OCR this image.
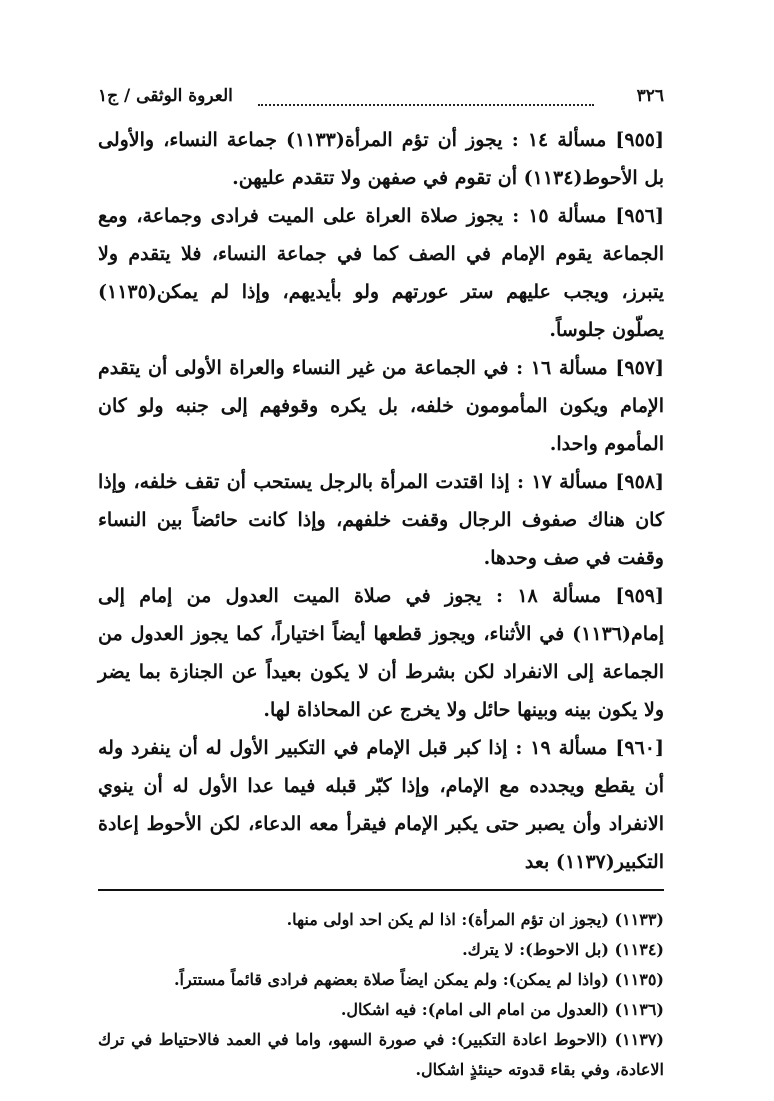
٣٢٦
العروة الوثقى / ج١

[٩٥٥] مسألة ١٤ : يجوز أن تؤم المرأة(١١٣٣) جماعة النساء، والأولى بل الأحوط(١١٣٤) أن تقوم في صفهن ولا تتقدم عليهن.

[٩٥٦] مسألة ١٥ : يجوز صلاة العراة على الميت فرادى وجماعة، ومع الجماعة يقوم الإمام في الصف كما في جماعة النساء، فلا يتقدم ولا يتبرز، ويجب عليهم ستر عورتهم ولو بأيديهم، وإذا لم يمكن(١١٣٥) يصلّون جلوساً.

[٩٥٧] مسألة ١٦ : في الجماعة من غير النساء والعراة الأولى أن يتقدم الإمام ويكون المأمومون خلفه، بل يكره وقوفهم إلى جنبه ولو كان المأموم واحدا.

[٩٥٨] مسألة ١٧ : إذا اقتدت المرأة بالرجل يستحب أن تقف خلفه، وإذا كان هناك صفوف الرجال وقفت خلفهم، وإذا كانت حائضاً بين النساء وقفت في صف وحدها.

[٩٥٩] مسألة ١٨ : يجوز في صلاة الميت العدول من إمام إلى إمام(١١٣٦) في الأثناء، ويجوز قطعها أيضاً اختياراً، كما يجوز العدول من الجماعة إلى الانفراد لكن بشرط أن لا يكون بعيداً عن الجنازة بما يضر ولا يكون بينه وبينها حائل ولا يخرج عن المحاذاة لها.

[٩٦٠] مسألة ١٩ : إذا كبر قبل الإمام في التكبير الأول له أن ينفرد وله أن يقطع ويجدده مع الإمام، وإذا كبّر قبله فيما عدا الأول له أن ينوي الانفراد وأن يصبر حتى يكبر الإمام فيقرأ معه الدعاء، لكن الأحوط إعادة التكبير(١١٣٧) بعد

(١١٣٣) (يجوز ان تؤم المرأة): اذا لم يكن احد اولى منها.

(١١٣٤) (بل الاحوط): لا يترك.

(١١٣٥) (واذا لم يمكن): ولم يمكن ايضاً صلاة بعضهم فرادى قائماً مستتراً.

(١١٣٦) (العدول من امام الى امام): فيه اشكال.

(١١٣٧) (الاحوط اعادة التكبير): في صورة السهو، واما في العمد فالاحتياط في ترك الاعادة، وفي بقاء قدوته حينئذٍ اشكال.
